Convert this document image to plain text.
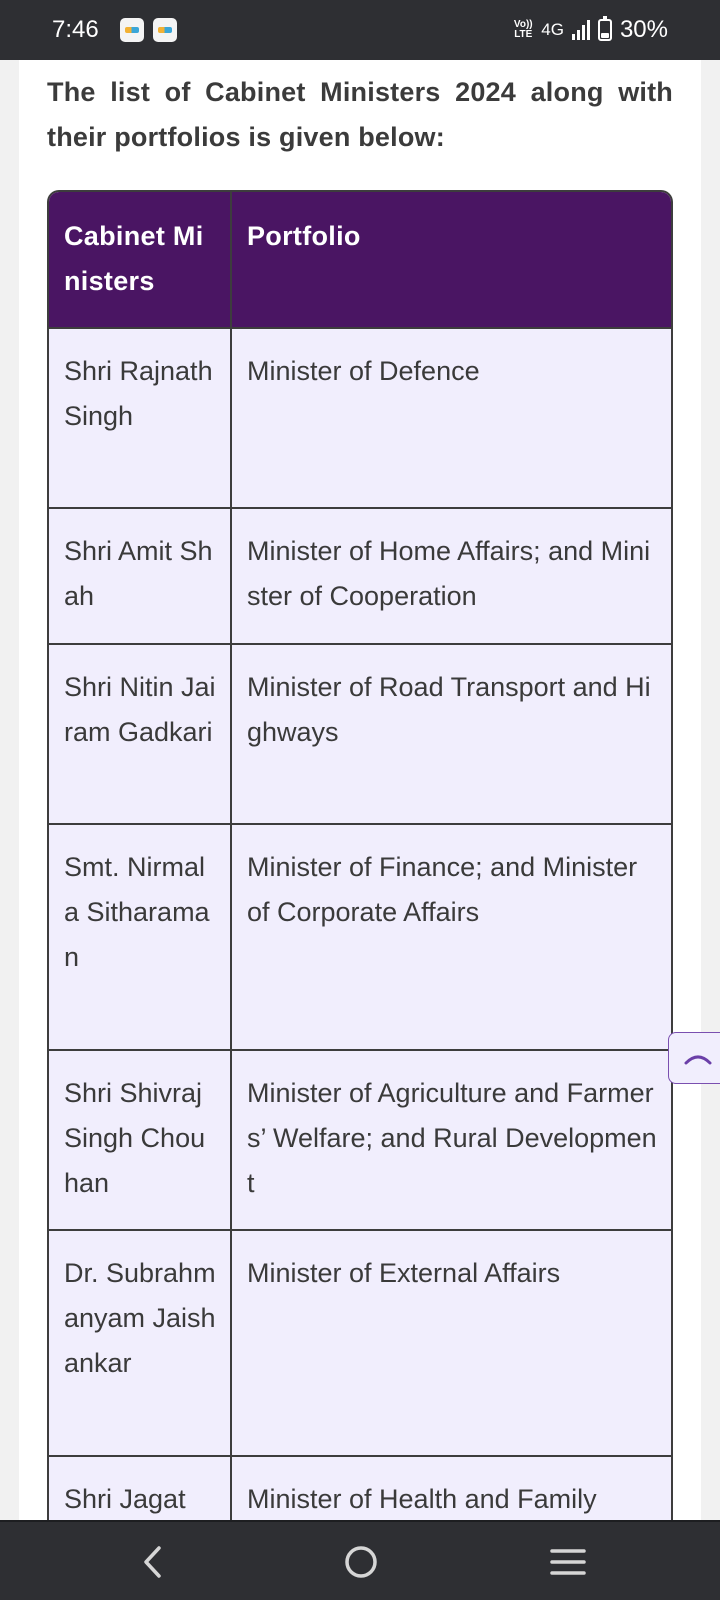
7:46	Vo)) LTE 4G 30%

The list of Cabinet Ministers 2024 along with their portfolios is given below:

Cabinet Ministers	Portfolio
Shri Rajnath Singh	Minister of Defence
Shri Amit Shah	Minister of Home Affairs; and Minister of Cooperation
Shri Nitin Jairam Gadkari	Minister of Road Transport and Highways
Smt. Nirmala Sitharaman	Minister of Finance; and Minister of Corporate Affairs
Shri Shivraj Singh Chouhan	Minister of Agriculture and Farmers’ Welfare; and Rural Development
Dr. Subrahmanyam Jaishankar	Minister of External Affairs
Shri Jagat	Minister of Health and Family
